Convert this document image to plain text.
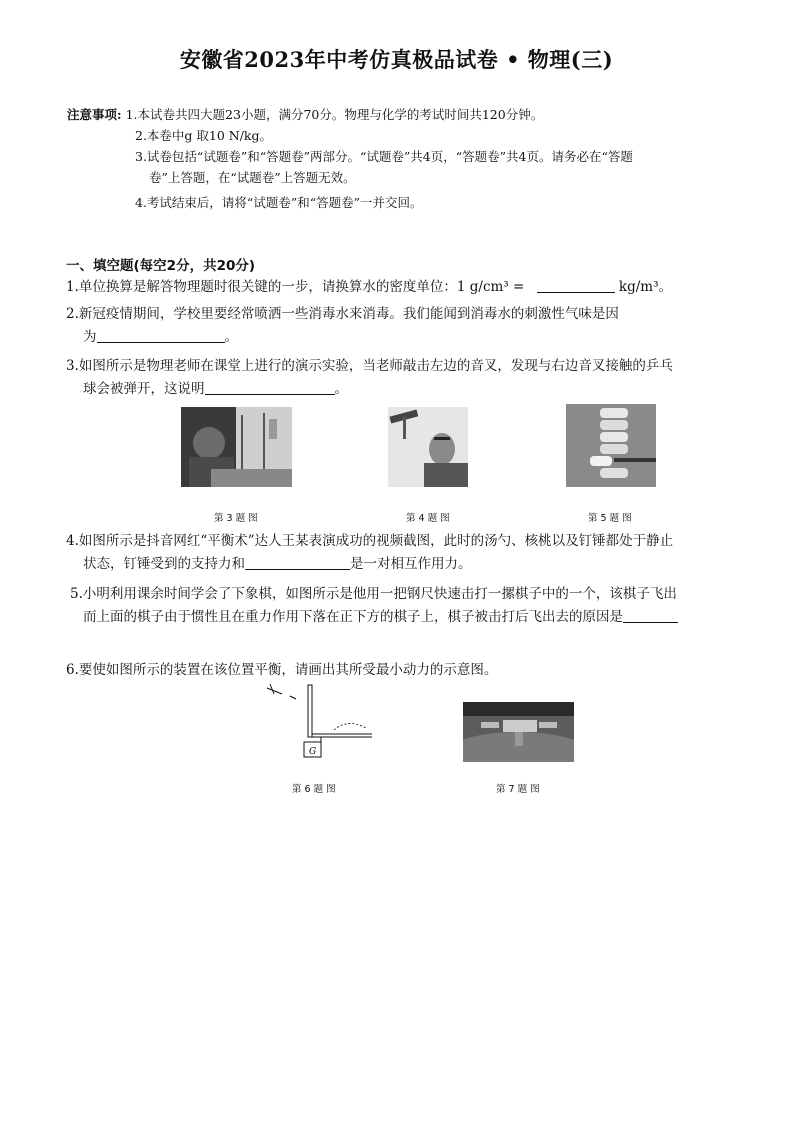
安徽省2023年中考仿真极品试卷 • 物理(三)
注意事项: 1.本试卷共四大题23小题，满分70分。物理与化学的考试时间共120分钟。
2.本卷中g 取10 N/kg。
3.试卷包括“试题卷”和“答题卷”两部分。“试题卷”共4页，“答题卷”共4页。请务必在“答题
卷”上答题，在“试题卷”上答题无效。
4.考试结束后，请将“试题卷”和“答题卷”一并交回。
一、填空题(每空2分，共20分)
1.单位换算是解答物理题时很关键的一步，请换算水的密度单位：1 g/cm³ =	kg/m³。
2.新冠疫情期间，学校里要经常喷洒一些消毒水来消毒。我们能闻到消毒水的刺激性气味是因
为	。
3.如图所示是物理老师在课堂上进行的演示实验，当老师敲击左边的音叉，发现与右边音叉接触的乒乓
球会被弹开，这说明	。
第 3 题 图	第 4 题 图	第 5 题 图
4.如图所示是抖音网红“平衡术”达人王某表演成功的视频截图，此时的汤勺、核桃以及钉锤都处于静止
状态，钉锤受到的支持力和	是一对相互作用力。
5.小明利用课余时间学会了下象棋，如图所示是他用一把钢尺快速击打一摞棋子中的一个，该棋子飞出
而上面的棋子由于惯性且在重力作用下落在正下方的棋子上，棋子被击打后飞出去的原因是
6.要使如图所示的装置在该位置平衡，请画出其所受最小动力的示意图。
G
第 6 题 图	第 7 题 图
